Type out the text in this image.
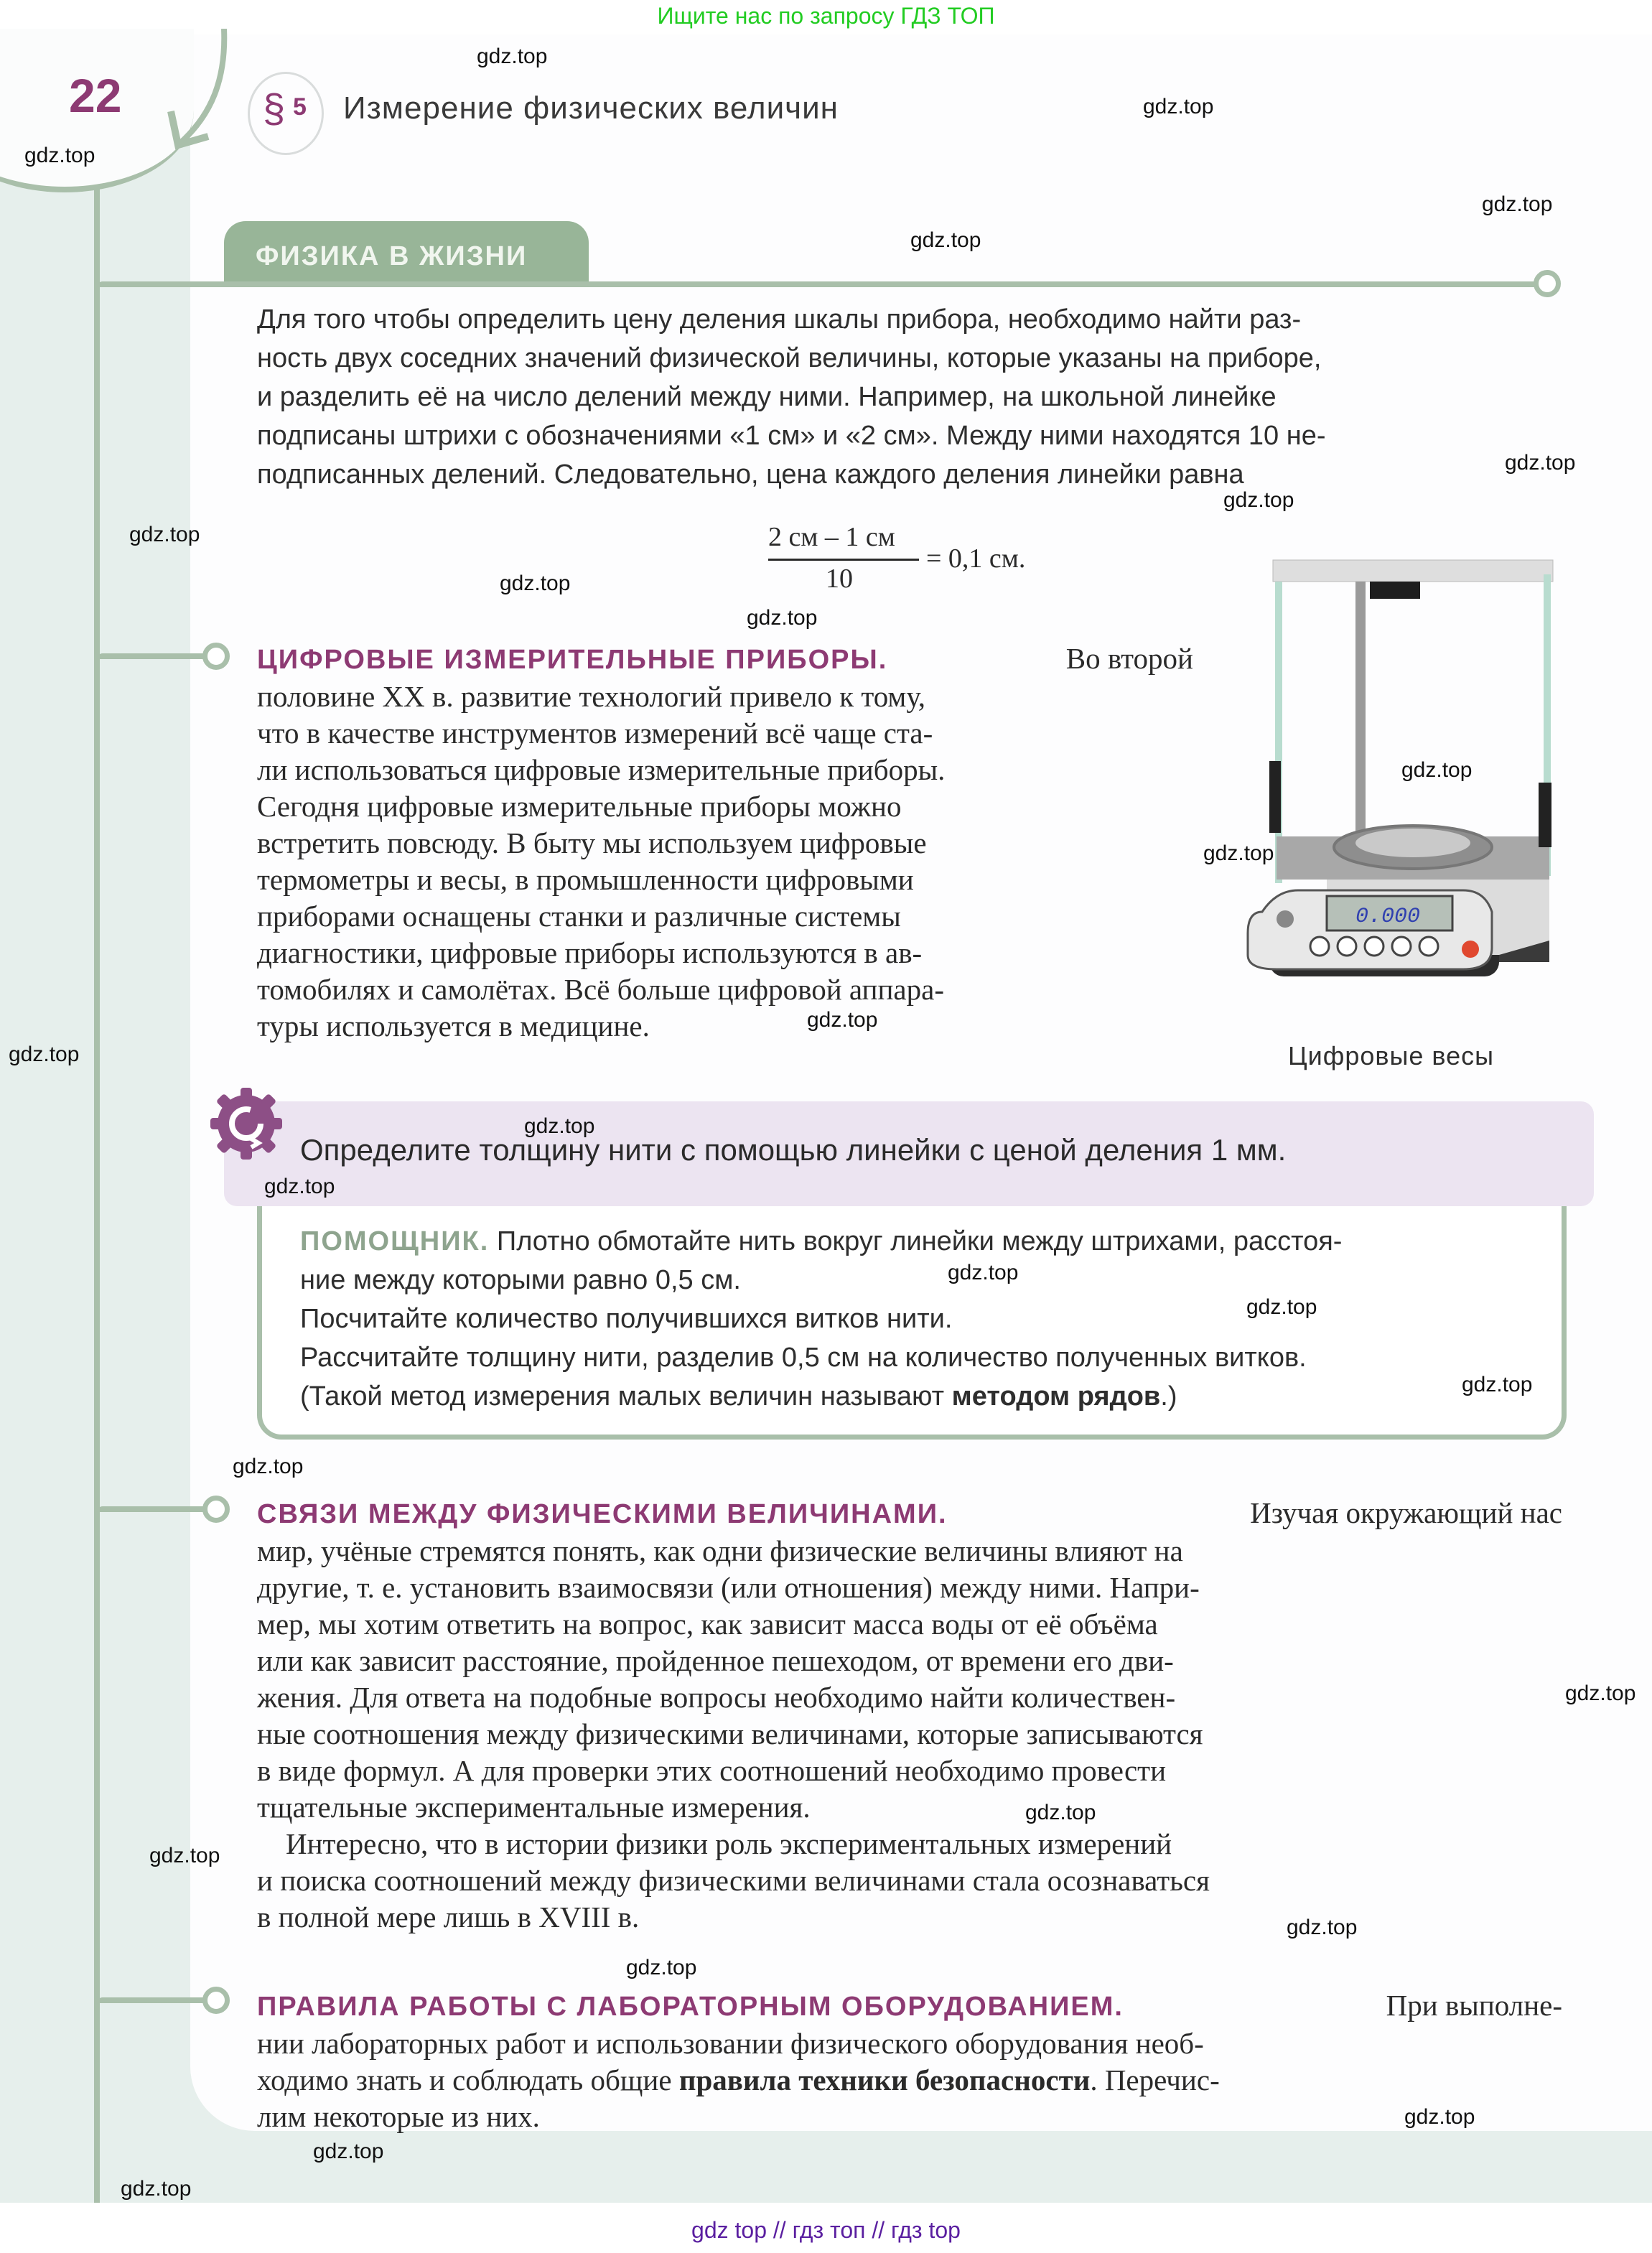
Ищите нас по запросу ГДЗ ТОП
22	§ 5 Измерение физических величин
ФИЗИКА В ЖИЗНИ
Для того чтобы определить цену деления шкалы прибора, необходимо найти раз-
ность двух соседних значений физической величины, которые указаны на приборе,
и разделить её на число делений между ними. Например, на школьной линейке
подписаны штрихи с обозначениями «1 см» и «2 см». Между ними находятся 10 не-
подписанных делений. Следовательно, цена каждого деления линейки равна
2 см – 1 см
10
= 0,1 см.
ЦИФРОВЫЕ ИЗМЕРИТЕЛЬНЫЕ ПРИБОРЫ.	Во второй
половине XX в. развитие технологий привело к тому,
что в качестве инструментов измерений всё чаще ста-
ли использоваться цифровые измерительные приборы.
Сегодня цифровые измерительные приборы можно
встретить повсюду. В быту мы используем цифровые
термометры и весы, в промышленности цифровыми
приборами оснащены станки и различные системы
диагностики, цифровые приборы используются в ав-
томобилях и самолётах. Всё больше цифровой аппара-
туры используется в медицине.
0.000
Цифровые весы
Определите толщину нити с помощью линейки с ценой деления 1 мм.
ПОМОЩНИК. Плотно обмотайте нить вокруг линейки между штрихами, расстоя-
ние между которыми равно 0,5 см.
Посчитайте количество получившихся витков нити.
Рассчитайте толщину нити, разделив 0,5 см на количество полученных витков.
(Такой метод измерения малых величин называют методом рядов.)
СВЯЗИ МЕЖДУ ФИЗИЧЕСКИМИ ВЕЛИЧИНАМИ.	Изучая окружающий нас
мир, учёные стремятся понять, как одни физические величины влияют на
другие, т. е. установить взаимосвязи (или отношения) между ними. Напри-
мер, мы хотим ответить на вопрос, как зависит масса воды от её объёма
или как зависит расстояние, пройденное пешеходом, от времени его дви-
жения. Для ответа на подобные вопросы необходимо найти количествен-
ные соотношения между физическими величинами, которые записываются
в виде формул. А для проверки этих соотношений необходимо провести
тщательные экспериментальные измерения.
Интересно, что в истории физики роль экспериментальных измерений
и поиска соотношений между физическими величинами стала осознаваться
в полной мере лишь в XVIII в.
ПРАВИЛА РАБОТЫ С ЛАБОРАТОРНЫМ ОБОРУДОВАНИЕМ.	При выполне-
нии лабораторных работ и использовании физического оборудования необ-
ходимо знать и соблюдать общие правила техники безопасности. Перечис-
лим некоторые из них.
gdz.top
gdz.top
gdz.top
gdz.top
gdz.top
gdz.top
gdz.top
gdz.top
gdz.top
gdz.top
gdz.top
gdz.top
gdz.top
gdz.top
gdz.top
gdz.top
gdz.top
gdz.top
gdz.top
gdz.top
gdz.top
gdz.top
gdz.top
gdz.top
gdz.top
gdz.top
gdz.top
gdz.top
gdz top // гдз топ // гдз top
